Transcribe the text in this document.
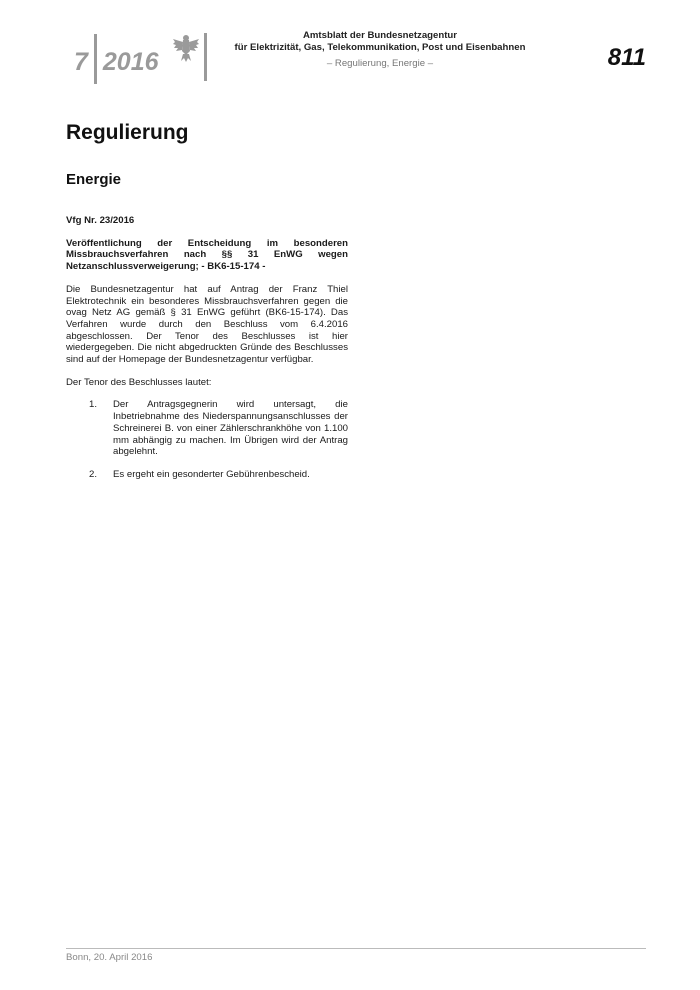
7 2016
Amtsblatt der Bundesnetzagentur
für Elektrizität, Gas, Telekommunikation, Post und Eisenbahnen
– Regulierung, Energie –	811
Regulierung
Energie

Vfg Nr. 23/2016

Veröffentlichung der Entscheidung im besonderen Missbrauchsverfahren nach §§ 31 EnWG wegen Netzanschlussverweigerung; - BK6-15-174 -

Die Bundesnetzagentur hat auf Antrag der Franz Thiel Elektrotechnik ein besonderes Missbrauchsverfahren gegen die ovag Netz AG gemäß § 31 EnWG geführt (BK6-15-174). Das Verfahren wurde durch den Beschluss vom 6.4.2016 abgeschlossen. Der Tenor des Beschlusses ist hier wiedergegeben. Die nicht abgedruckten Gründe des Beschlusses sind auf der Homepage der Bundesnetzagentur verfügbar.

Der Tenor des Beschlusses lautet:

1.	Der Antragsgegnerin wird untersagt, die Inbetriebnahme des Niederspannungsanschlusses der Schreinerei B. von einer Zählerschrankhöhe von 1.100 mm abhängig zu machen. Im Übrigen wird der Antrag abgelehnt.
2.	Es ergeht ein gesonderter Gebührenbescheid.
Bonn, 20. April 2016
